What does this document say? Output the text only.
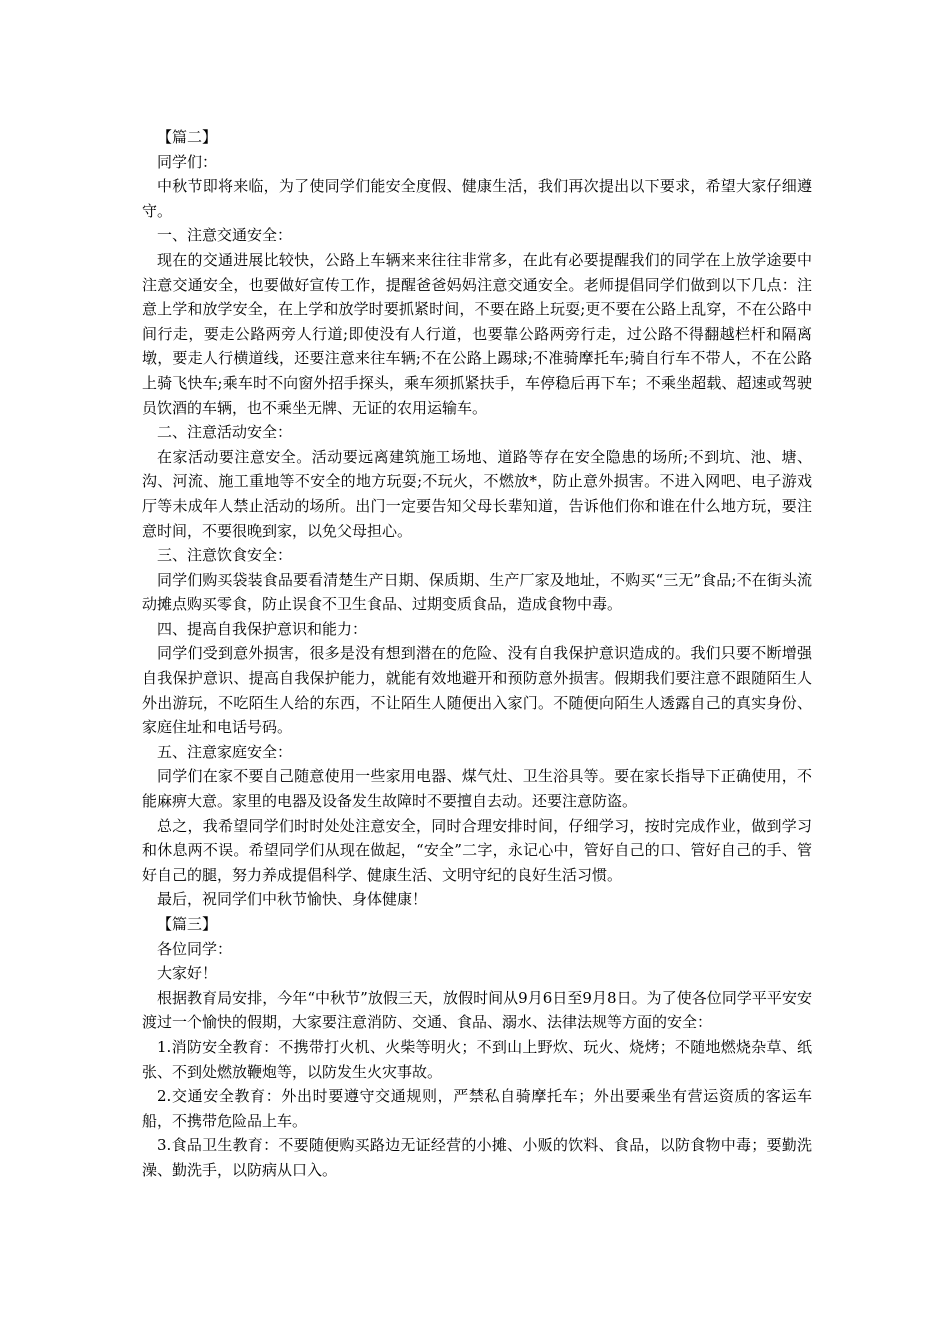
【篇二】

同学们：

中秋节即将来临，为了使同学们能安全度假、健康生活，我们再次提出以下要求，希望大家仔细遵守。

一、注意交通安全：

现在的交通进展比较快，公路上车辆来来往往非常多，在此有必要提醒我们的同学在上放学途要中注意交通安全，也要做好宣传工作，提醒爸爸妈妈注意交通安全。老师提倡同学们做到以下几点：注意上学和放学安全，在上学和放学时要抓紧时间，不要在路上玩耍;更不要在公路上乱穿，不在公路中间行走，要走公路两旁人行道;即使没有人行道，也要靠公路两旁行走，过公路不得翻越栏杆和隔离墩，要走人行横道线，还要注意来往车辆;不在公路上踢球;不准骑摩托车;骑自行车不带人，不在公路上骑飞快车;乘车时不向窗外招手探头，乘车须抓紧扶手，车停稳后再下车；不乘坐超载、超速或驾驶员饮酒的车辆，也不乘坐无牌、无证的农用运输车。

二、注意活动安全：

在家活动要注意安全。活动要远离建筑施工场地、道路等存在安全隐患的场所;不到坑、池、塘、沟、河流、施工重地等不安全的地方玩耍;不玩火，不燃放*，防止意外损害。不进入网吧、电子游戏厅等未成年人禁止活动的场所。出门一定要告知父母长辈知道，告诉他们你和谁在什么地方玩，要注意时间，不要很晚到家，以免父母担心。

三、注意饮食安全：

同学们购买袋装食品要看清楚生产日期、保质期、生产厂家及地址，不购买“三无”食品;不在街头流动摊点购买零食，防止误食不卫生食品、过期变质食品，造成食物中毒。

四、提高自我保护意识和能力：

同学们受到意外损害，很多是没有想到潜在的危险、没有自我保护意识造成的。我们只要不断增强自我保护意识、提高自我保护能力，就能有效地避开和预防意外损害。假期我们要注意不跟随陌生人外出游玩，不吃陌生人给的东西，不让陌生人随便出入家门。不随便向陌生人透露自己的真实身份、家庭住址和电话号码。

五、注意家庭安全：

同学们在家不要自己随意使用一些家用电器、煤气灶、卫生浴具等。要在家长指导下正确使用，不能麻痹大意。家里的电器及设备发生故障时不要擅自去动。还要注意防盗。

总之，我希望同学们时时处处注意安全，同时合理安排时间，仔细学习，按时完成作业，做到学习和休息两不误。希望同学们从现在做起，“安全”二字，永记心中，管好自己的口、管好自己的手、管好自己的腿，努力养成提倡科学、健康生活、文明守纪的良好生活习惯。

最后，祝同学们中秋节愉快、身体健康！

【篇三】

各位同学：

大家好！

根据教育局安排，今年“中秋节”放假三天，放假时间从9月6日至9月8日。为了使各位同学平平安安渡过一个愉快的假期，大家要注意消防、交通、食品、溺水、法律法规等方面的安全：

1.消防安全教育：不携带打火机、火柴等明火；不到山上野炊、玩火、烧烤；不随地燃烧杂草、纸张、不到处燃放鞭炮等，以防发生火灾事故。

2.交通安全教育：外出时要遵守交通规则，严禁私自骑摩托车；外出要乘坐有营运资质的客运车船，不携带危险品上车。

3.食品卫生教育：不要随便购买路边无证经营的小摊、小贩的饮料、食品，以防食物中毒；要勤洗澡、勤洗手，以防病从口入。
